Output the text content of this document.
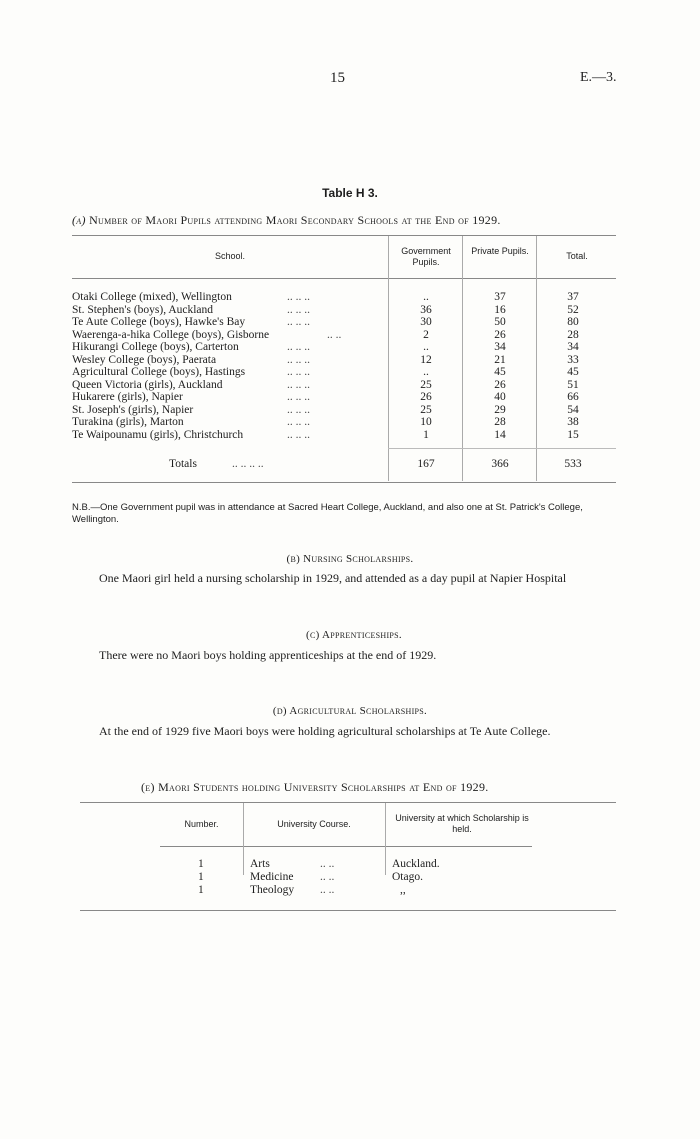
15	E.—3.
Table H 3.
(a) Number of Maori Pupils attending Maori Secondary Schools at the End of 1929.
School.	Government Pupils.
Private Pupils.	Total.
Otaki College (mixed), Wellington	.. .. ..	..	37	37
St. Stephen's (boys), Auckland	.. .. ..	36	16	52
Te Aute College (boys), Hawke's Bay	.. .. ..	30	50	80
Waerenga-a-hika College (boys), Gisborne	.. ..	2	26	28
Hikurangi College (boys), Carterton	.. .. ..	..	34	34
Wesley College (boys), Paerata	.. .. ..	12	21	33
Agricultural College (boys), Hastings	.. .. ..	..	45	45
Queen Victoria (girls), Auckland	.. .. ..	25	26	51
Hukarere (girls), Napier	.. .. ..	26	40	66
St. Joseph's (girls), Napier	.. .. ..	25	29	54
Turakina (girls), Marton	.. .. ..	10	28	38
Te Waipounamu (girls), Christchurch	.. .. ..	1	14	15
Totals	.. .. .. ..	167	366	533
N.B.—One Government pupil was in attendance at Sacred Heart College, Auckland, and also one at St. Patrick's College, Wellington.
(b) Nursing Scholarships.
One Maori girl held a nursing scholarship in 1929, and attended as a day pupil at Napier Hospital
(c) Apprenticeships.
There were no Maori boys holding apprenticeships at the end of 1929.
(d) Agricultural Scholarships.
At the end of 1929 five Maori boys were holding agricultural scholarships at Te Aute College.
(e) Maori Students holding University Scholarships at End of 1929.
Number.	University Course.
University at which Scholarship is held.
1	Arts	.. ..	Auckland.
1	Medicine .. ..	Otago.
1	Theology .. ..	,,
